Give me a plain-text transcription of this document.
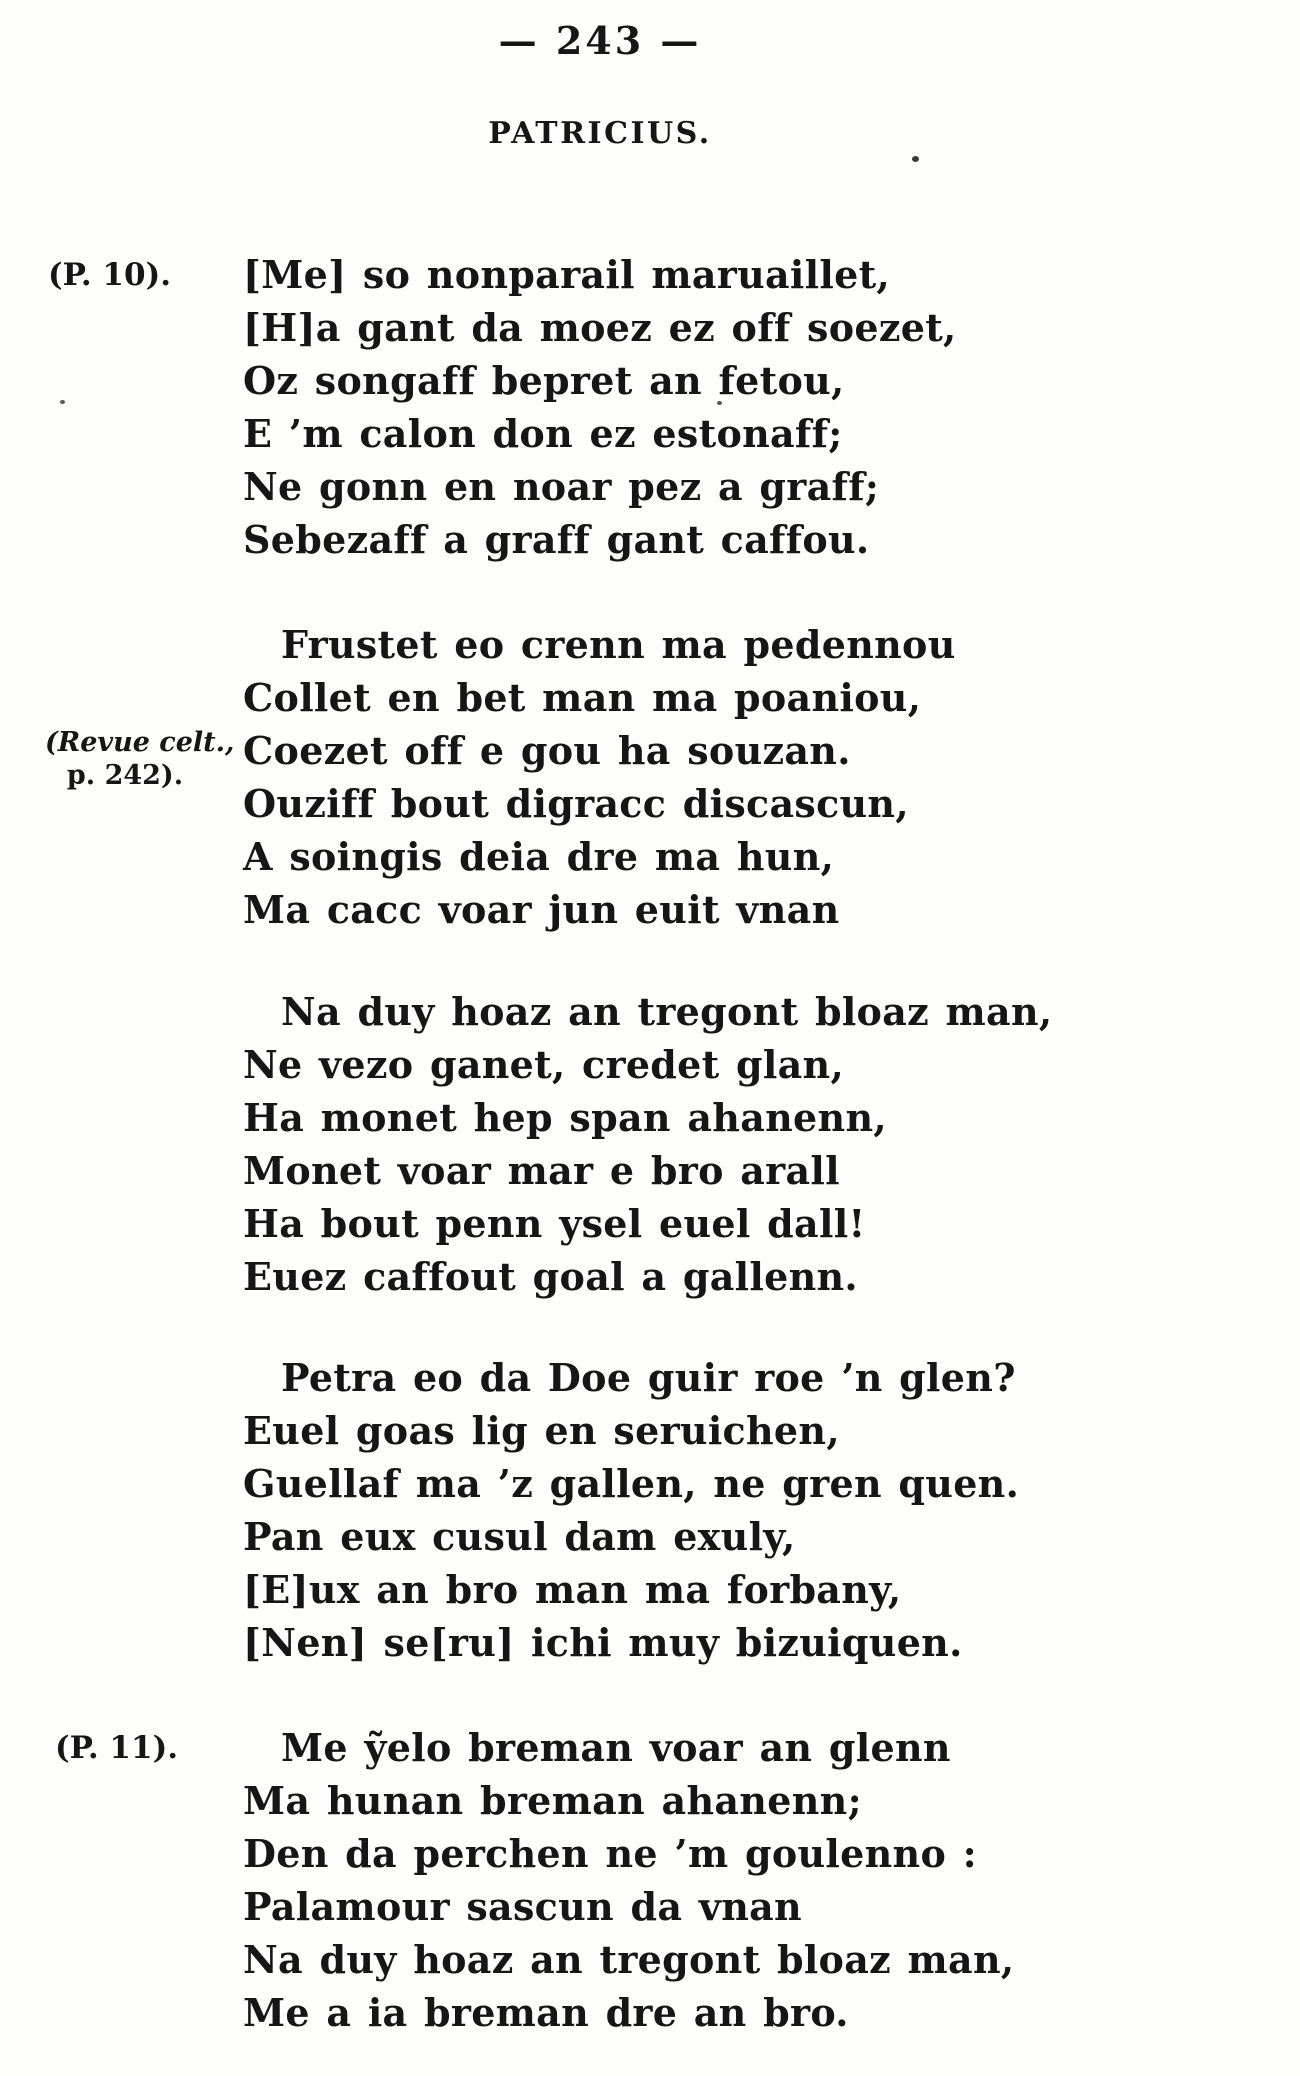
— 243 —
PATRICIUS.
(P. 10).
(Revue celt.,
p. 242).
(P. 11).
[Me] so nonparail maruaillet,
[H]a gant da moez ez off soezet,
Oz songaff bepret an fetou,
E ’m calon don ez estonaff;
Ne gonn en noar pez a graff;
Sebezaff a graff gant caffou.
Frustet eo crenn ma pedennou
Collet en bet man ma poaniou,
Coezet off e gou ha souzan.
Ouziff bout digracc discascun,
A soingis deia dre ma hun,
Ma cacc voar jun euit vnan
Na duy hoaz an tregont bloaz man,
Ne vezo ganet, credet glan,
Ha monet hep span ahanenn,
Monet voar mar e bro arall
Ha bout penn ysel euel dall!
Euez caffout goal a gallenn.
Petra eo da Doe guir roe ’n glen?
Euel goas lig en seruichen,
Guellaf ma ’z gallen, ne gren quen.
Pan eux cusul dam exuly,
[E]ux an bro man ma forbany,
[Nen] se[ru] ichi muy bizuiquen.
Me ỹelo breman voar an glenn
Ma hunan breman ahanenn;
Den da perchen ne ’m goulenno :
Palamour sascun da vnan
Na duy hoaz an tregont bloaz man,
Me a ia breman dre an bro.
